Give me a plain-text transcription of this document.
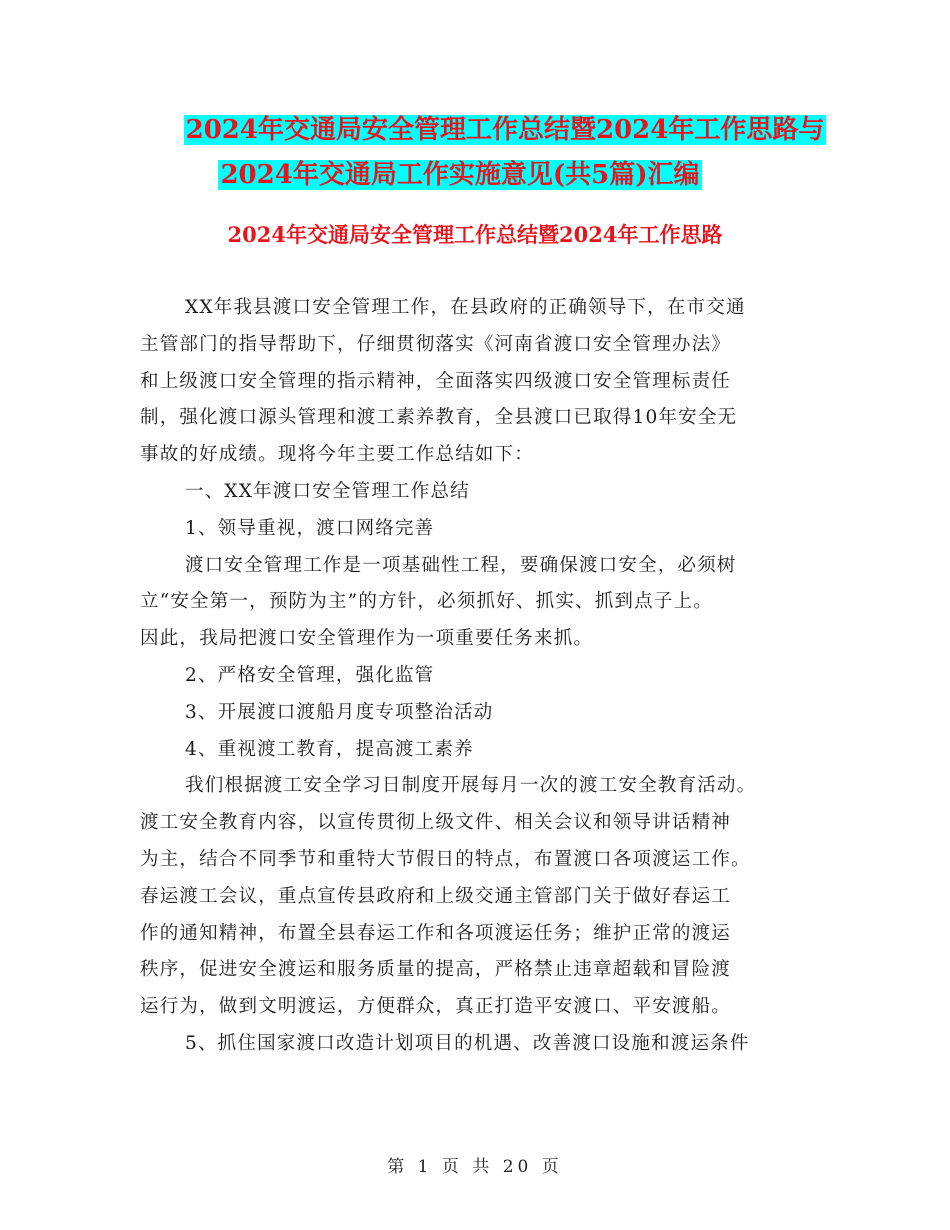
2024年交通局安全管理工作总结暨2024年工作思路与
2024年交通局工作实施意见(共5篇)汇编
2024年交通局安全管理工作总结暨2024年工作思路
XX年我县渡口安全管理工作，在县政府的正确领导下，在市交通
主管部门的指导帮助下，仔细贯彻落实《河南省渡口安全管理办法》
和上级渡口安全管理的指示精神，全面落实四级渡口安全管理标责任
制，强化渡口源头管理和渡工素养教育，全县渡口已取得10年安全无
事故的好成绩。现将今年主要工作总结如下：
一、XX年渡口安全管理工作总结
1、领导重视，渡口网络完善
渡口安全管理工作是一项基础性工程，要确保渡口安全，必须树
立“安全第一，预防为主”的方针，必须抓好、抓实、抓到点子上。
因此，我局把渡口安全管理作为一项重要任务来抓。
2、严格安全管理，强化监管
3、开展渡口渡船月度专项整治活动
4、重视渡工教育，提高渡工素养
我们根据渡工安全学习日制度开展每月一次的渡工安全教育活动。
渡工安全教育内容，以宣传贯彻上级文件、相关会议和领导讲话精神
为主，结合不同季节和重特大节假日的特点，布置渡口各项渡运工作。
春运渡工会议，重点宣传县政府和上级交通主管部门关于做好春运工
作的通知精神，布置全县春运工作和各项渡运任务；维护正常的渡运
秩序，促进安全渡运和服务质量的提高，严格禁止违章超载和冒险渡
运行为，做到文明渡运，方便群众，真正打造平安渡口、平安渡船。
5、抓住国家渡口改造计划项目的机遇、改善渡口设施和渡运条件
第 1 页 共 20 页
